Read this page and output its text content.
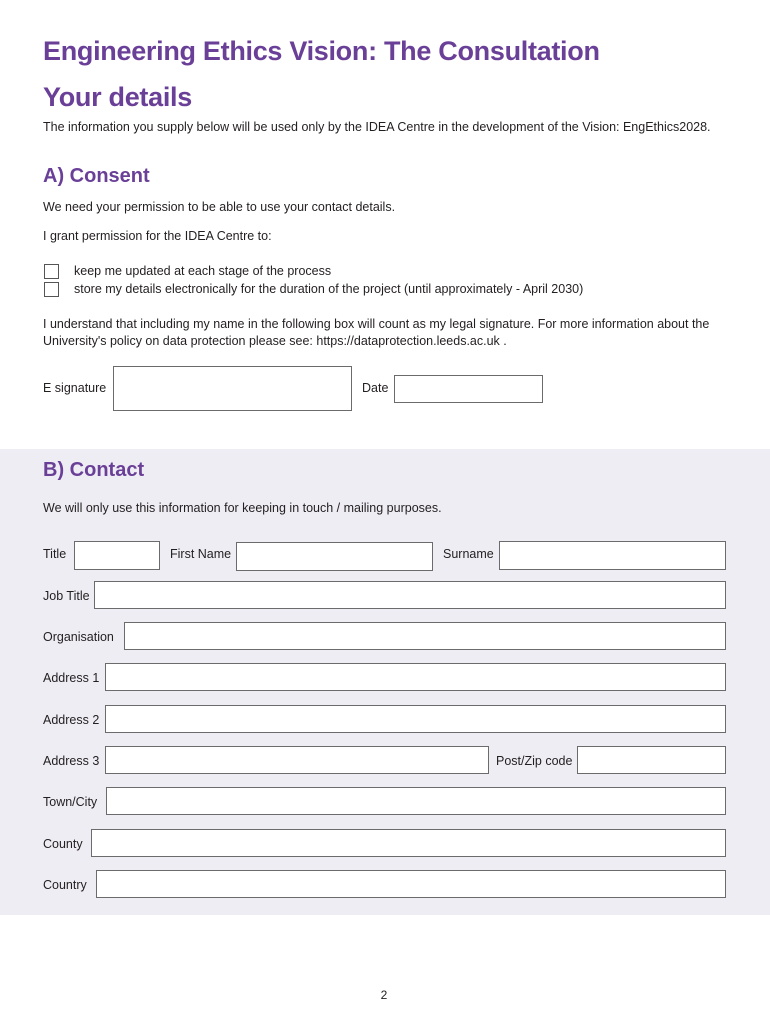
Engineering Ethics Vision: The Consultation
Your details
The information you supply below will be used only by the IDEA Centre in the development of the Vision: EngEthics2028.
A) Consent
We need your permission to be able to use your contact details.
I grant permission for the IDEA Centre to:
keep me updated at each stage of the process
store my details electronically for the duration of the project (until approximately - April 2030)
I understand that including my name in the following box will count as my legal signature. For more information about the University's policy on data protection please see: https://dataprotection.leeds.ac.uk .
E signature	Date
B) Contact
We will only use this information for keeping in touch / mailing purposes.
Title	First Name	Surname
Job Title
Organisation
Address 1
Address 2
Address 3	Post/Zip code
Town/City
County
Country
2
